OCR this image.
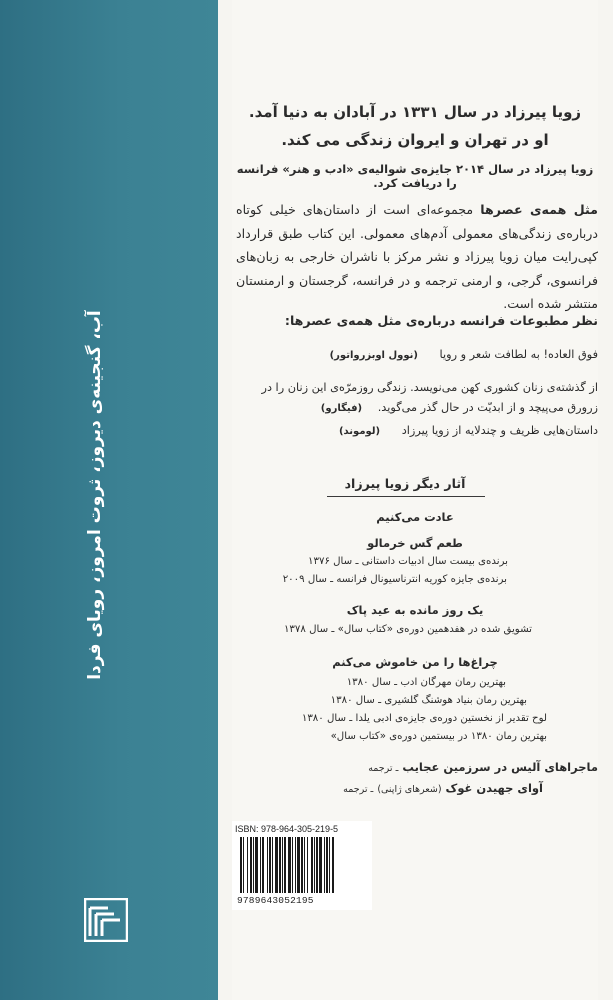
آب، گنجینه‌ی دیروز، ثروت امروز، رویای فردا
زویا پیرزاد در سال ۱۳۳۱ در آبادان به دنیا آمد.
او در تهران و ایروان زندگی می کند.
زویا پیرزاد در سال ۲۰۱۴ جایزه‌ی شوالیه‌ی «ادب و هنر» فرانسه را دریافت کرد.
مثل همه‌ی عصرها مجموعه‌ای است از داستان‌های خیلی کوتاه درباره‌ی زندگی‌های معمولی آدم‌های معمولی. این کتاب طبق قرارداد کپی‌رایت میان زویا پیرزاد و نشر مرکز با ناشران خارجی به زبان‌های فرانسوی، گرجی، و ارمنی ترجمه و در فرانسه، گرجستان و ارمنستان منتشر شده است.
نظر مطبوعات فرانسه درباره‌ی مثل همه‌ی عصرها:
فوق العاده! به لطافت شعر و رویا (نوول اوبزرواتور)
از گذشته‌ی زنان کشوری کهن می‌نویسد. زندگی روزمرّه‌ی این زنان را در زرورق می‌پیچد و از ابدیّت در حال گذر می‌گوید. (فیگارو)
داستان‌هایی ظریف و چندلایه از زویا پیرزاد (لوموند)
آثار دیگر زویا پیرزاد
عادت می‌کنیم
طعم گس خرمالو
برنده‌ی بیست سال ادبیات داستانی ـ سال ۱۳۷۶
برنده‌ی جایزه کوریه انترناسیونال فرانسه ـ سال ۲۰۰۹
یک روز مانده به عید پاک
تشویق شده در هفدهمین دوره‌ی «کتاب سال» ـ سال ۱۳۷۸
چراغ‌ها را من خاموش می‌کنم
بهترین رمان مهرگان ادب ـ سال ۱۳۸۰
بهترین رمان بنیاد هوشنگ گلشیری ـ سال ۱۳۸۰
لوح تقدیر از نخستین دوره‌ی جایزه‌ی ادبی یلدا ـ سال ۱۳۸۰
بهترین رمان ۱۳۸۰ در بیستمین دوره‌ی «کتاب سال»
ماجراهای آلیس در سرزمین عجایب ـ ترجمه
آوای جهیدن غوک (شعرهای ژاپنی) ـ ترجمه
ISBN: 978-964-305-219-5
9789643052195
